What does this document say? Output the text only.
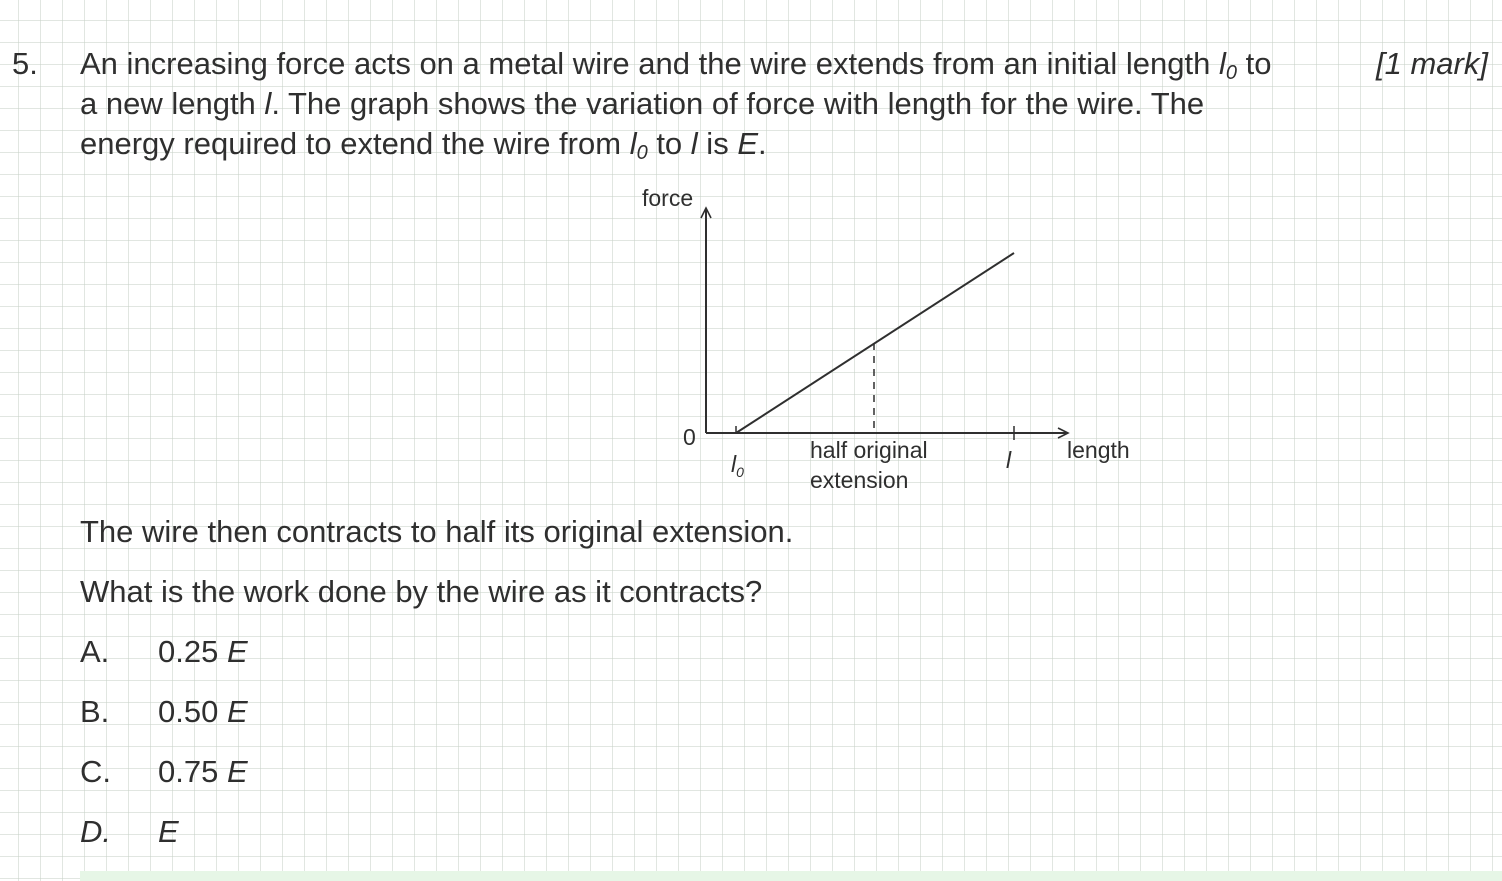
5. An increasing force acts on a metal wire and the wire extends from an initial length $l_0$ to	[1 mark]
a new length l. The graph shows the variation of force with length for the wire. The
energy required to extend the wire from $l_0$ to l is E.
force
0
$l_0$	l
half original
extension
length
The wire then contracts to half its original extension.
What is the work done by the wire as it contracts?
A. 0.25 E
B. 0.50 E
C. 0.75 E
D. E
